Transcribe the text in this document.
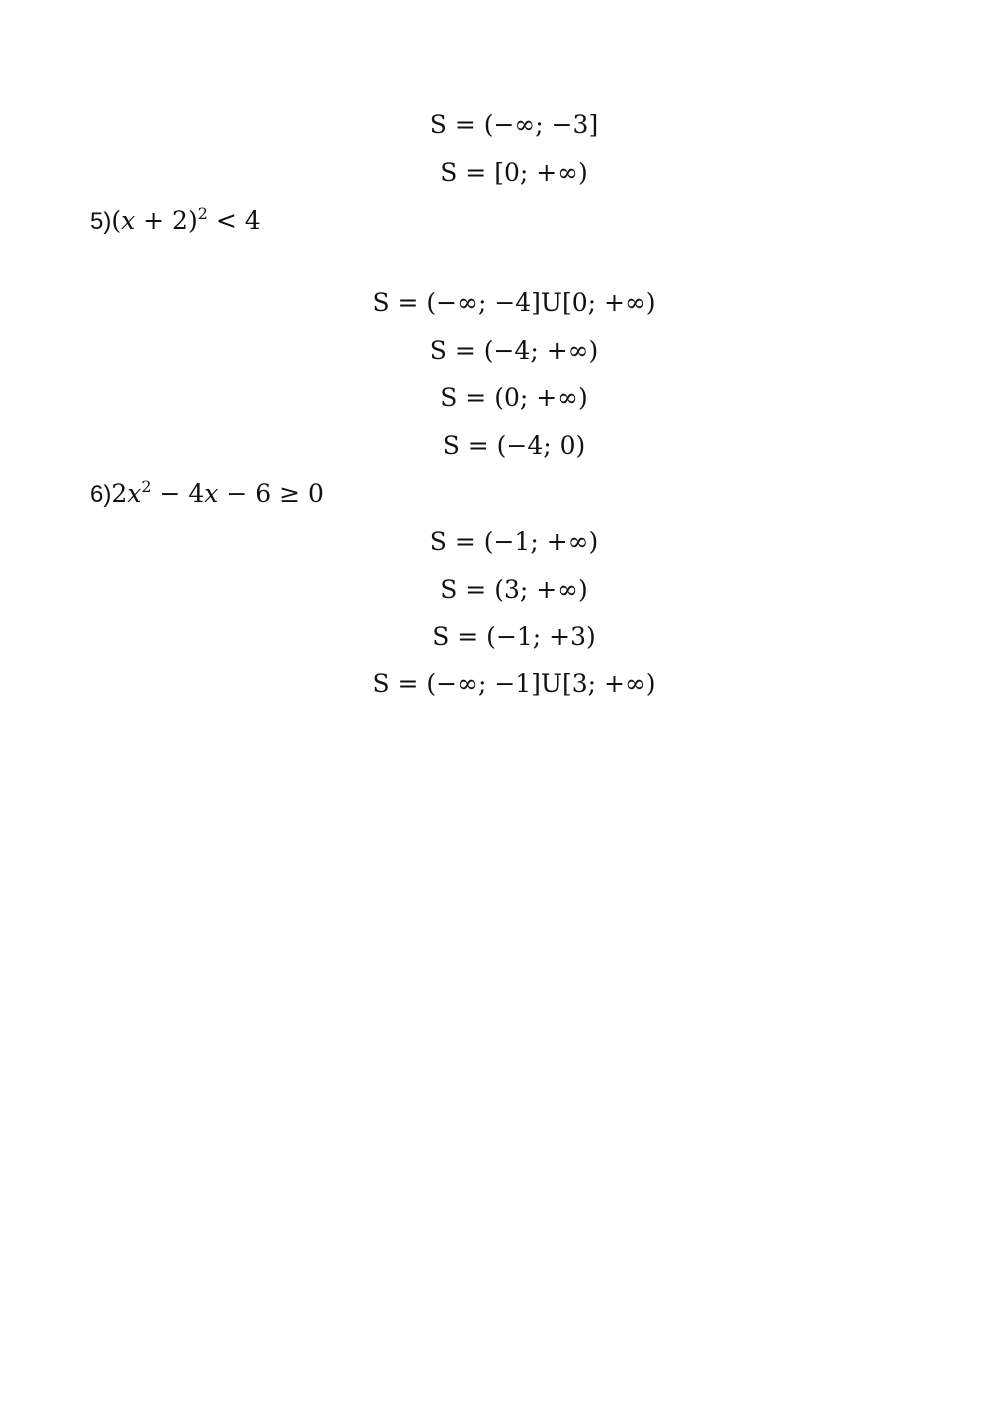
S = (−∞; −3]
S = [0; +∞)
$5)(x + 2)^2 < 4$
S = (−∞; −4]U[0; +∞)
S = (−4; +∞)
S = (0; +∞)
S = (−4; 0)
$6)2x^2 - 4x - 6 \ge 0$
S = (−1; +∞)
S = (3; +∞)
S = (−1; +3)
S = (−∞; −1]U[3; +∞)
